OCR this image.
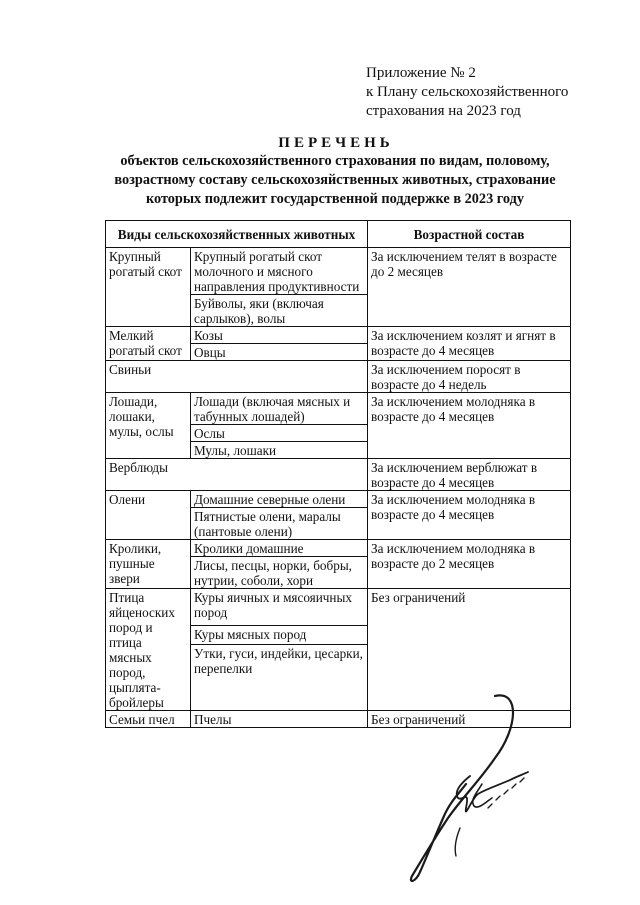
Приложение № 2
к Плану сельскохозяйственного
страхования на 2023 год
ПЕРЕЧЕНЬ
объектов сельскохозяйственного страхования по видам, половому,
возрастному составу сельскохозяйственных животных, страхование
которых подлежит государственной поддержке в 2023 году
Виды сельскохозяйственных животных		Возрастной состав
Крупный рогатый скот	Крупный рогатый скот молочного и мясного направления продуктивности	За исключением телят в возрасте до 2 месяцев
	Буйволы, яки (включая сарлыков), волы	
Мелкий рогатый скот	Козы	За исключением козлят и ягнят в возрасте до 4 месяцев
	Овцы	
Свиньи		За исключением поросят в возрасте до 4 недель
Лошади, лошаки, мулы, ослы	Лошади (включая мясных и табунных лошадей)	За исключением молодняка в возрасте до 4 месяцев
	Ослы	
	Мулы, лошаки	
Верблюды		За исключением верблюжат в возрасте до 4 месяцев
Олени	Домашние северные олени	За исключением молодняка в возрасте до 4 месяцев
	Пятнистые олени, маралы (пантовые олени)	
Кролики, пушные звери	Кролики домашние	За исключением молодняка в возрасте до 2 месяцев
	Лисы, песцы, норки, бобры, нутрии, соболи, хори	
Птица яйценоских пород и птица мясных пород, цыплята-бройлеры	Куры яичных и мясояичных пород	Без ограничений
	Куры мясных пород	
	Утки, гуси, индейки, цесарки, перепелки	
Семьи пчел	Пчелы	Без ограничений
